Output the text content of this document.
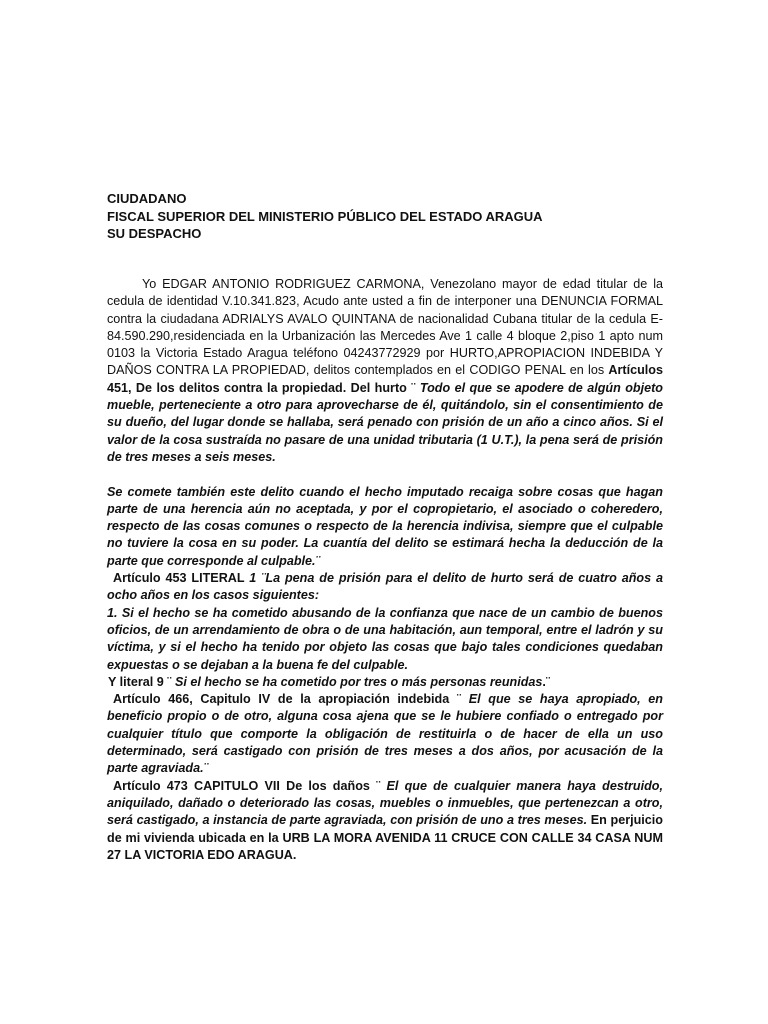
CIUDADANO
FISCAL SUPERIOR DEL MINISTERIO PÚBLICO DEL ESTADO ARAGUA
SU DESPACHO

Yo EDGAR ANTONIO RODRIGUEZ CARMONA, Venezolano mayor de edad titular de la cedula de identidad V.10.341.823, Acudo ante usted a fin de interponer una DENUNCIA FORMAL contra la ciudadana ADRIALYS AVALO QUINTANA de nacionalidad Cubana titular de la cedula E-84.590.290,residenciada en la Urbanización las Mercedes Ave 1 calle 4 bloque 2,piso 1 apto num 0103 la Victoria Estado Aragua teléfono 04243772929 por HURTO,APROPIACION INDEBIDA Y DAÑOS CONTRA LA PROPIEDAD, delitos contemplados en el CODIGO PENAL en los Artículos 451, De los delitos contra la propiedad. Del hurto ¨ Todo el que se apodere de algún objeto mueble, perteneciente a otro para aprovecharse de él, quitándolo, sin el consentimiento de su dueño, del lugar donde se hallaba, será penado con prisión de un año a cinco años. Si el valor de la cosa sustraída no pasare de una unidad tributaria (1 U.T.), la pena será de prisión de tres meses a seis meses.

Se comete también este delito cuando el hecho imputado recaiga sobre cosas que hagan parte de una herencia aún no aceptada, y por el copropietario, el asociado o coheredero, respecto de las cosas comunes o respecto de la herencia indivisa, siempre que el culpable no tuviere la cosa en su poder. La cuantía del delito se estimará hecha la deducción de la parte que corresponde al culpable.¨

Artículo 453 LITERAL 1 ¨La pena de prisión para el delito de hurto será de cuatro años a ocho años en los casos siguientes:

1. Si el hecho se ha cometido abusando de la confianza que nace de un cambio de buenos oficios, de un arrendamiento de obra o de una habitación, aun temporal, entre el ladrón y su víctima, y si el hecho ha tenido por objeto las cosas que bajo tales condiciones quedaban expuestas o se dejaban a la buena fe del culpable.

Y literal 9 ¨ Si el hecho se ha cometido por tres o más personas reunidas.¨

Artículo 466, Capitulo IV de la apropiación indebida ¨ El que se haya apropiado, en beneficio propio o de otro, alguna cosa ajena que se le hubiere confiado o entregado por cualquier título que comporte la obligación de restituirla o de hacer de ella un uso determinado, será castigado con prisión de tres meses a dos años, por acusación de la parte agraviada.¨

Artículo 473 CAPITULO VII De los daños ¨ El que de cualquier manera haya destruido, aniquilado, dañado o deteriorado las cosas, muebles o inmuebles, que pertenezcan a otro, será castigado, a instancia de parte agraviada, con prisión de uno a tres meses. En perjuicio de mi vivienda ubicada en la URB LA MORA AVENIDA 11 CRUCE CON CALLE 34 CASA NUM 27 LA VICTORIA EDO ARAGUA.
